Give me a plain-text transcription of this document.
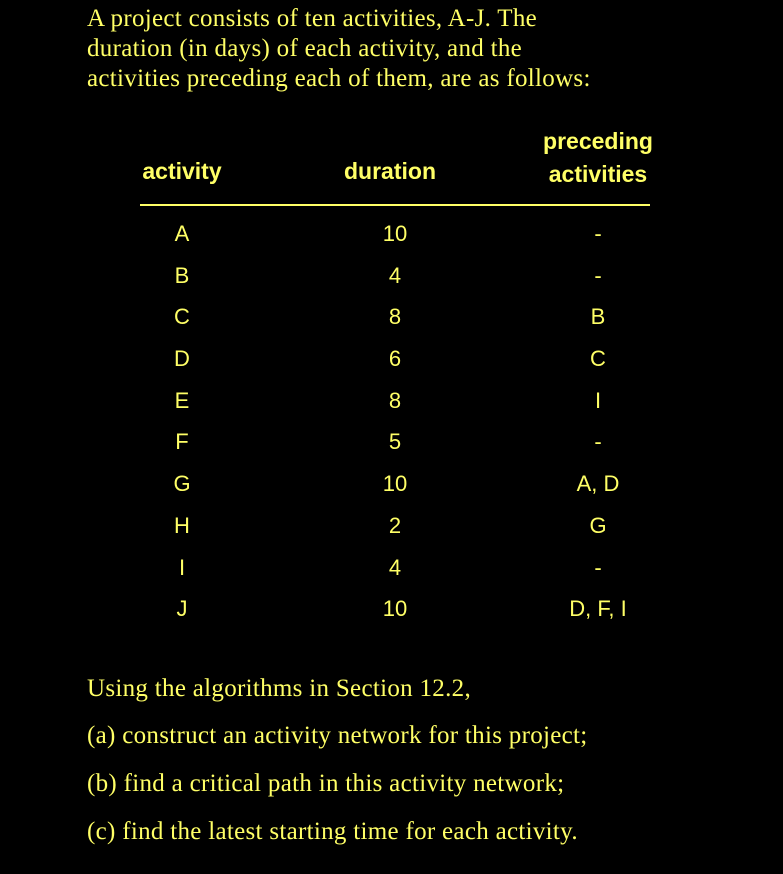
A project consists of ten activities, A-J. The
duration (in days) of each activity, and the
activities preceding each of them, are as follows:
activity	duration
preceding
activities
A	10	-
B	4	-
C	8	B
D	6	C
E	8	I
F	5	-
G	10	A, D
H	2	G
I	4	-
J	10	D, F, I
Using the algorithms in Section 12.2,
(a) construct an activity network for this project;
(b) find a critical path in this activity network;
(c) find the latest starting time for each activity.
